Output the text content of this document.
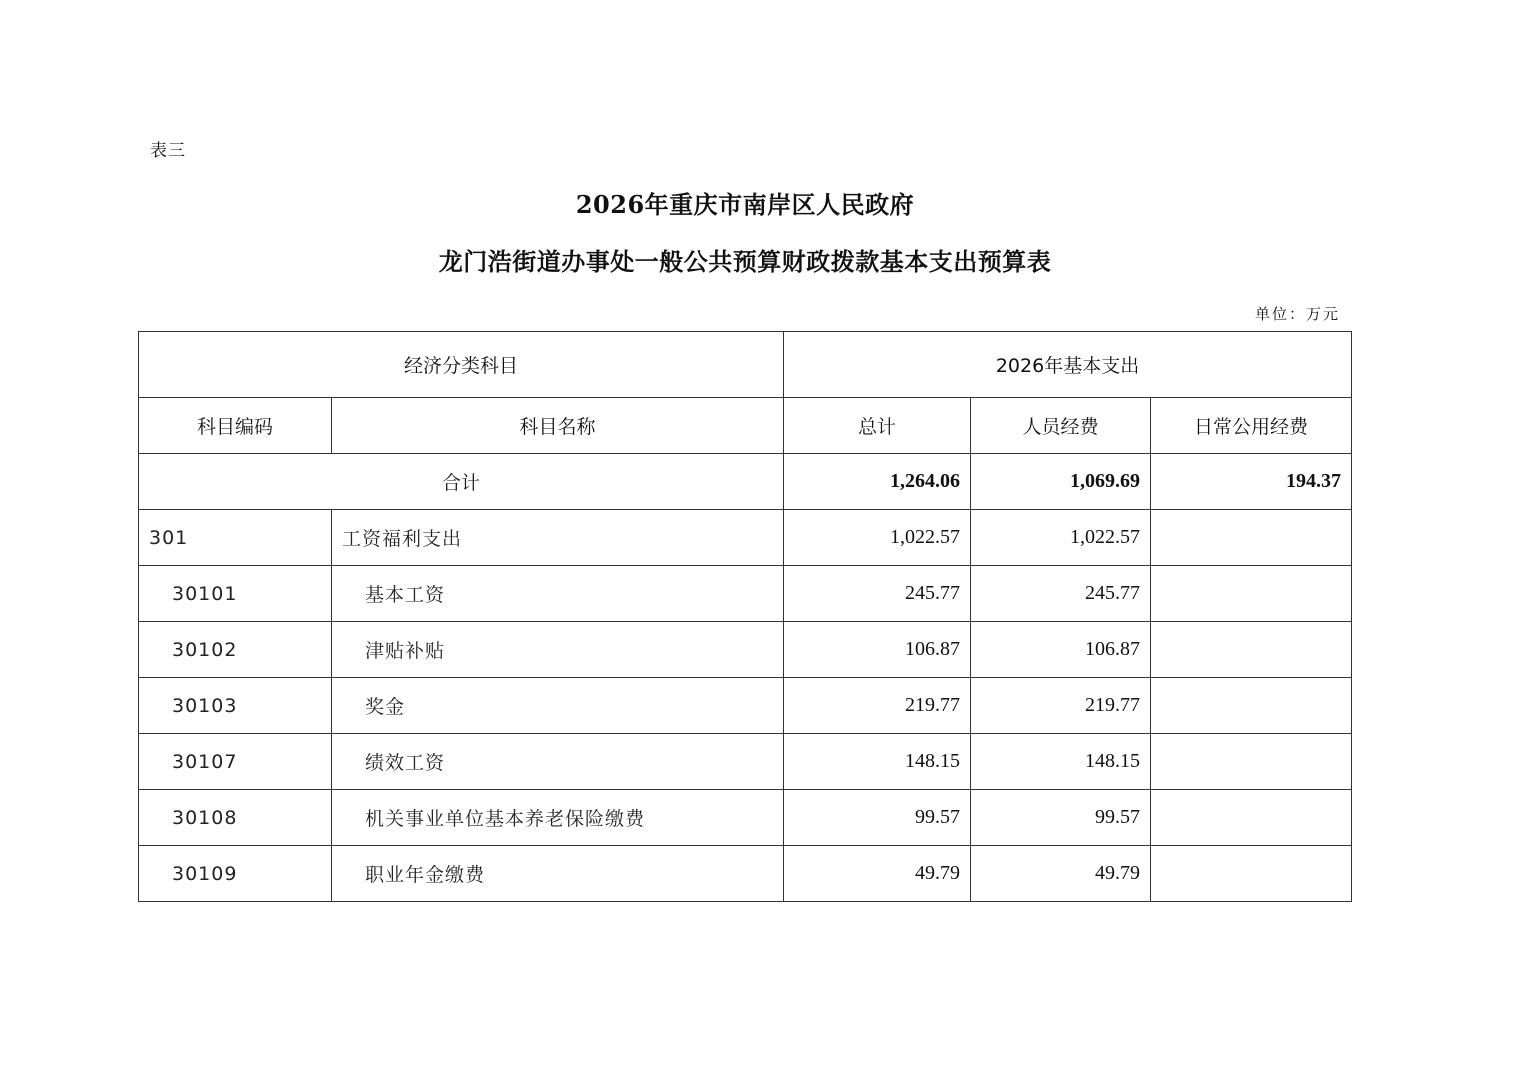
表三
2026年重庆市南岸区人民政府
龙门浩街道办事处一般公共预算财政拨款基本支出预算表
单位：万元
经济分类科目		2026年基本支出		
科目编码	科目名称	总计	人员经费	日常公用经费
合计		1,264.06	1,069.69	194.37
301	工资福利支出	1,022.57	1,022.57	
30101	基本工资	245.77	245.77	
30102	津贴补贴	106.87	106.87	
30103	奖金	219.77	219.77	
30107	绩效工资	148.15	148.15	
30108	机关事业单位基本养老保险缴费	99.57	99.57	
30109	职业年金缴费	49.79	49.79	
